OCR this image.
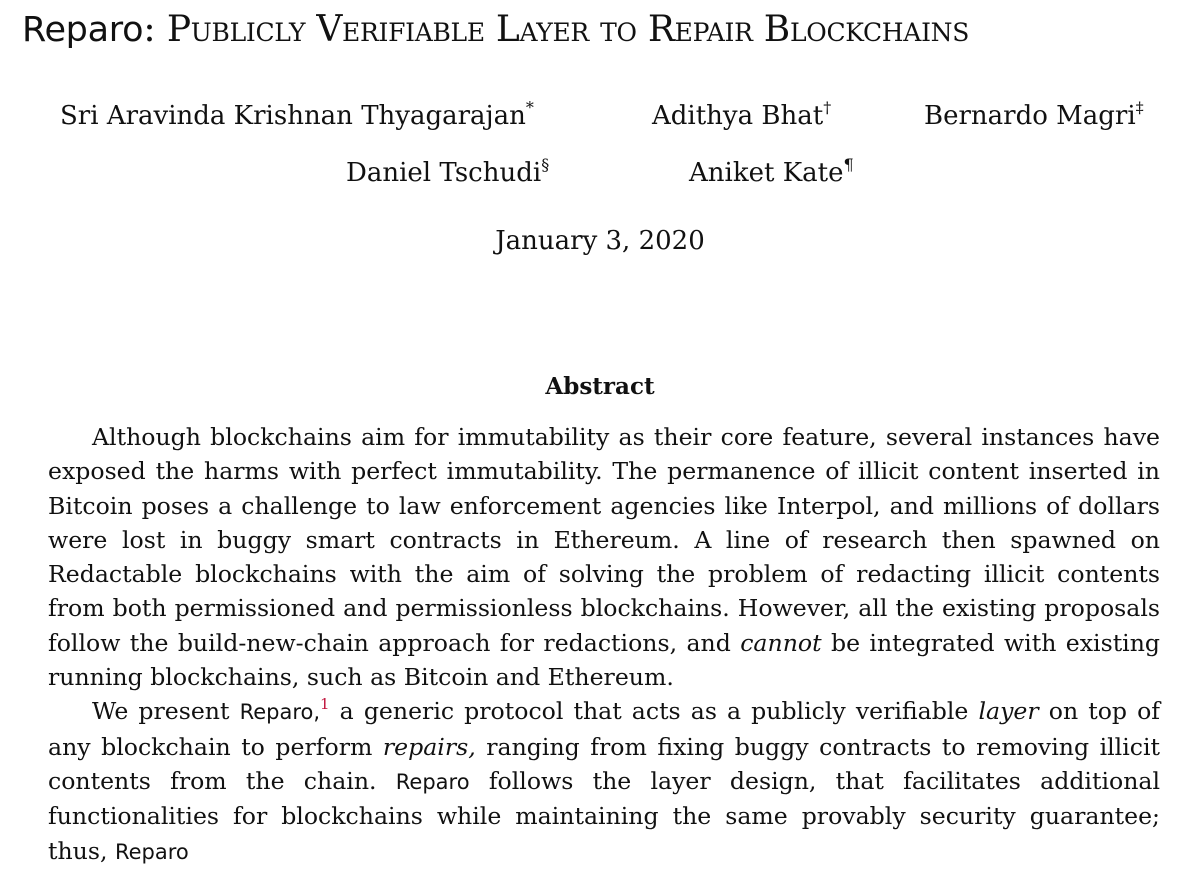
Reparo: Publicly Verifiable Layer to Repair Blockchains
Sri Aravinda Krishnan Thyagarajan*	Adithya Bhat†	Bernardo Magri‡
Daniel Tschudi§	Aniket Kate¶
January 3, 2020
Abstract

Although blockchains aim for immutability as their core feature, several instances have exposed the harms with perfect immutability. The permanence of illicit content inserted in Bitcoin poses a challenge to law enforcement agencies like Interpol, and millions of dollars were lost in buggy smart contracts in Ethereum. A line of research then spawned on Redactable blockchains with the aim of solving the problem of redacting illicit contents from both permissioned and permissionless blockchains. However, all the existing proposals follow the build-new-chain approach for redactions, and cannot be integrated with existing running blockchains, such as Bitcoin and Ethereum.

We present Reparo,$^1$ a generic protocol that acts as a publicly verifiable layer on top of any blockchain to perform repairs, ranging from fixing buggy contracts to removing illicit contents from the chain. Reparo follows the layer design, that facilitates additional functionalities for blockchains while maintaining the same provably security guarantee; thus, Reparo
